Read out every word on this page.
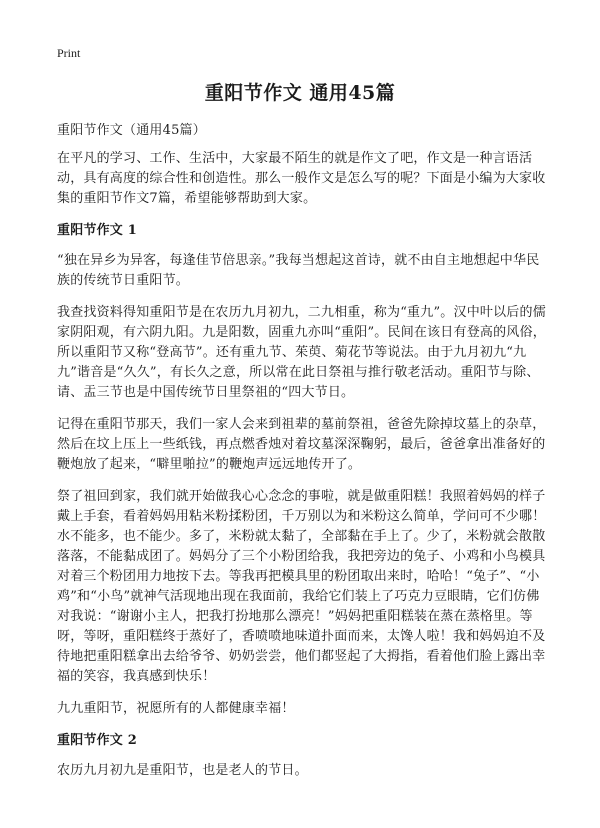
Print
重阳节作文 通用45篇

重阳节作文（通用45篇）

在平凡的学习、工作、生活中，大家最不陌生的就是作文了吧，作文是一种言语活动，具有高度的综合性和创造性。那么一般作文是怎么写的呢？下面是小编为大家收集的重阳节作文7篇，希望能够帮助到大家。

重阳节作文 1

“独在异乡为异客，每逢佳节倍思亲。”我每当想起这首诗，就不由自主地想起中华民族的传统节日重阳节。

我查找资料得知重阳节是在农历九月初九，二九相重，称为“重九”。汉中叶以后的儒家阴阳观，有六阴九阳。九是阳数，固重九亦叫“重阳”。民间在该日有登高的风俗，所以重阳节又称“登高节”。还有重九节、茱萸、菊花节等说法。由于九月初九“九九”谐音是“久久”，有长久之意，所以常在此日祭祖与推行敬老活动。重阳节与除、请、盂三节也是中国传统节日里祭祖的“四大节日。

记得在重阳节那天，我们一家人会来到祖辈的墓前祭祖，爸爸先除掉坟墓上的杂草，然后在坟上压上一些纸钱，再点燃香烛对着坟墓深深鞠躬，最后，爸爸拿出准备好的鞭炮放了起来，“噼里啪拉”的鞭炮声远远地传开了。

祭了祖回到家，我们就开始做我心心念念的事啦，就是做重阳糕！我照着妈妈的样子戴上手套，看着妈妈用粘米粉揉粉团，千万别以为和米粉这么简单，学问可不少哪！水不能多，也不能少。多了，米粉就太黏了，全部黏在手上了。少了，米粉就会散散落落，不能黏成团了。妈妈分了三个小粉团给我，我把旁边的兔子、小鸡和小鸟模具对着三个粉团用力地按下去。等我再把模具里的粉团取出来时，哈哈！“兔子”、“小鸡”和“小鸟”就神气活现地出现在我面前，我给它们装上了巧克力豆眼睛，它们仿佛对我说：“谢谢小主人，把我打扮地那么漂亮！”妈妈把重阳糕装在蒸在蒸格里。等呀，等呀，重阳糕终于蒸好了，香喷喷地味道扑面而来，太馋人啦！我和妈妈迫不及待地把重阳糕拿出去给爷爷、奶奶尝尝，他们都竖起了大拇指，看着他们脸上露出幸福的笑容，我真感到快乐！

九九重阳节，祝愿所有的人都健康幸福！

重阳节作文 2

农历九月初九是重阳节，也是老人的节日。
